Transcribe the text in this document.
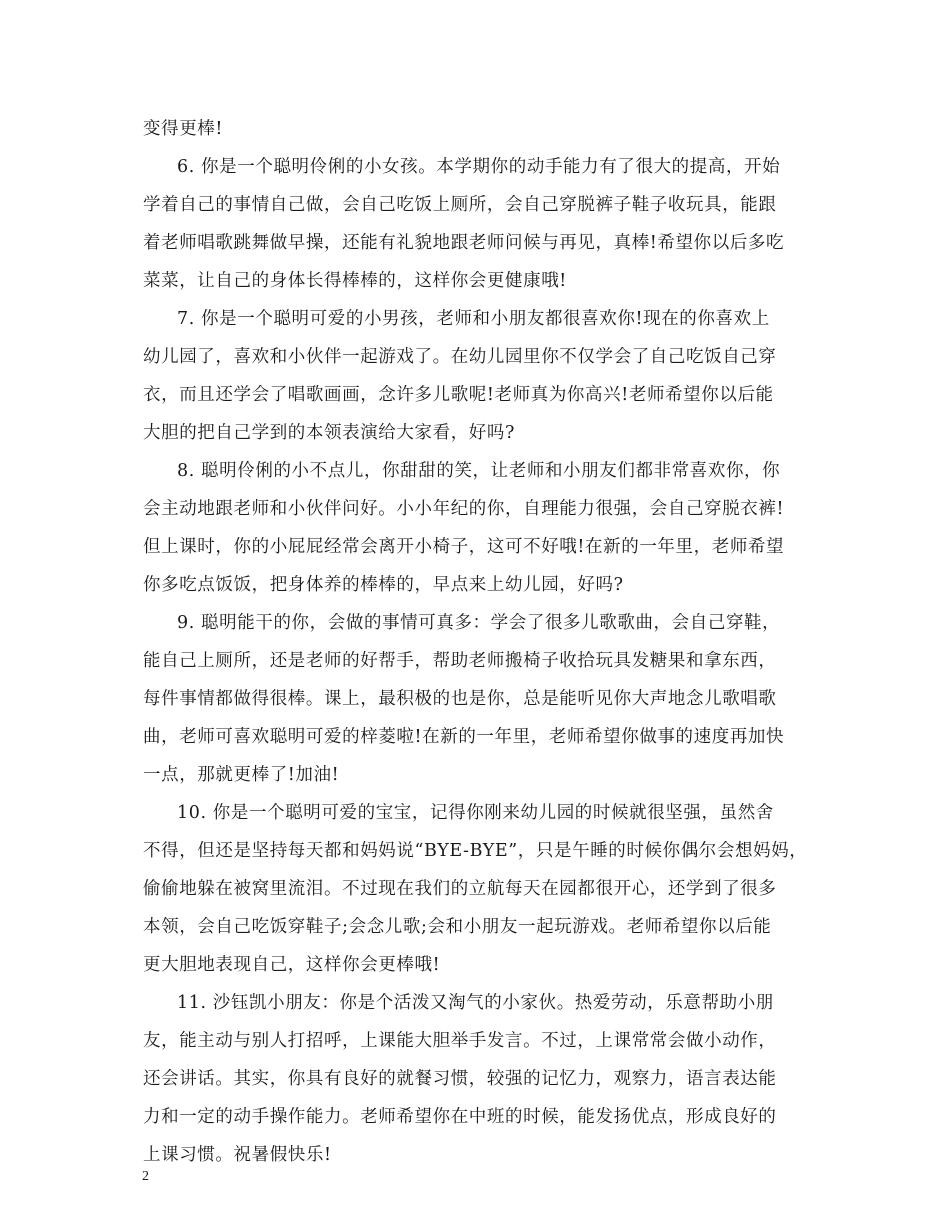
变得更棒!
6. 你是一个聪明伶俐的小女孩。本学期你的动手能力有了很大的提高，开始
学着自己的事情自己做，会自己吃饭上厕所，会自己穿脱裤子鞋子收玩具，能跟
着老师唱歌跳舞做早操，还能有礼貌地跟老师问候与再见，真棒!希望你以后多吃
菜菜，让自己的身体长得棒棒的，这样你会更健康哦!
7. 你是一个聪明可爱的小男孩，老师和小朋友都很喜欢你!现在的你喜欢上
幼儿园了，喜欢和小伙伴一起游戏了。在幼儿园里你不仅学会了自己吃饭自己穿
衣，而且还学会了唱歌画画，念许多儿歌呢!老师真为你高兴!老师希望你以后能
大胆的把自己学到的本领表演给大家看，好吗?
8. 聪明伶俐的小不点儿，你甜甜的笑，让老师和小朋友们都非常喜欢你，你
会主动地跟老师和小伙伴问好。小小年纪的你，自理能力很强，会自己穿脱衣裤!
但上课时，你的小屁屁经常会离开小椅子，这可不好哦!在新的一年里，老师希望
你多吃点饭饭，把身体养的棒棒的，早点来上幼儿园，好吗?
9. 聪明能干的你，会做的事情可真多：学会了很多儿歌歌曲，会自己穿鞋，
能自己上厕所，还是老师的好帮手，帮助老师搬椅子收拾玩具发糖果和拿东西，
每件事情都做得很棒。课上，最积极的也是你，总是能听见你大声地念儿歌唱歌
曲，老师可喜欢聪明可爱的梓菱啦!在新的一年里，老师希望你做事的速度再加快
一点，那就更棒了!加油!
10. 你是一个聪明可爱的宝宝，记得你刚来幼儿园的时候就很坚强，虽然舍
不得，但还是坚持每天都和妈妈说“BYE-BYE”，只是午睡的时候你偶尔会想妈妈，
偷偷地躲在被窝里流泪。不过现在我们的立航每天在园都很开心，还学到了很多
本领，会自己吃饭穿鞋子;会念儿歌;会和小朋友一起玩游戏。老师希望你以后能
更大胆地表现自己，这样你会更棒哦!
11. 沙钰凯小朋友：你是个活泼又淘气的小家伙。热爱劳动，乐意帮助小朋
友，能主动与别人打招呼，上课能大胆举手发言。不过，上课常常会做小动作，
还会讲话。其实，你具有良好的就餐习惯，较强的记忆力，观察力，语言表达能
力和一定的动手操作能力。老师希望你在中班的时候，能发扬优点，形成良好的
上课习惯。祝暑假快乐!
2
